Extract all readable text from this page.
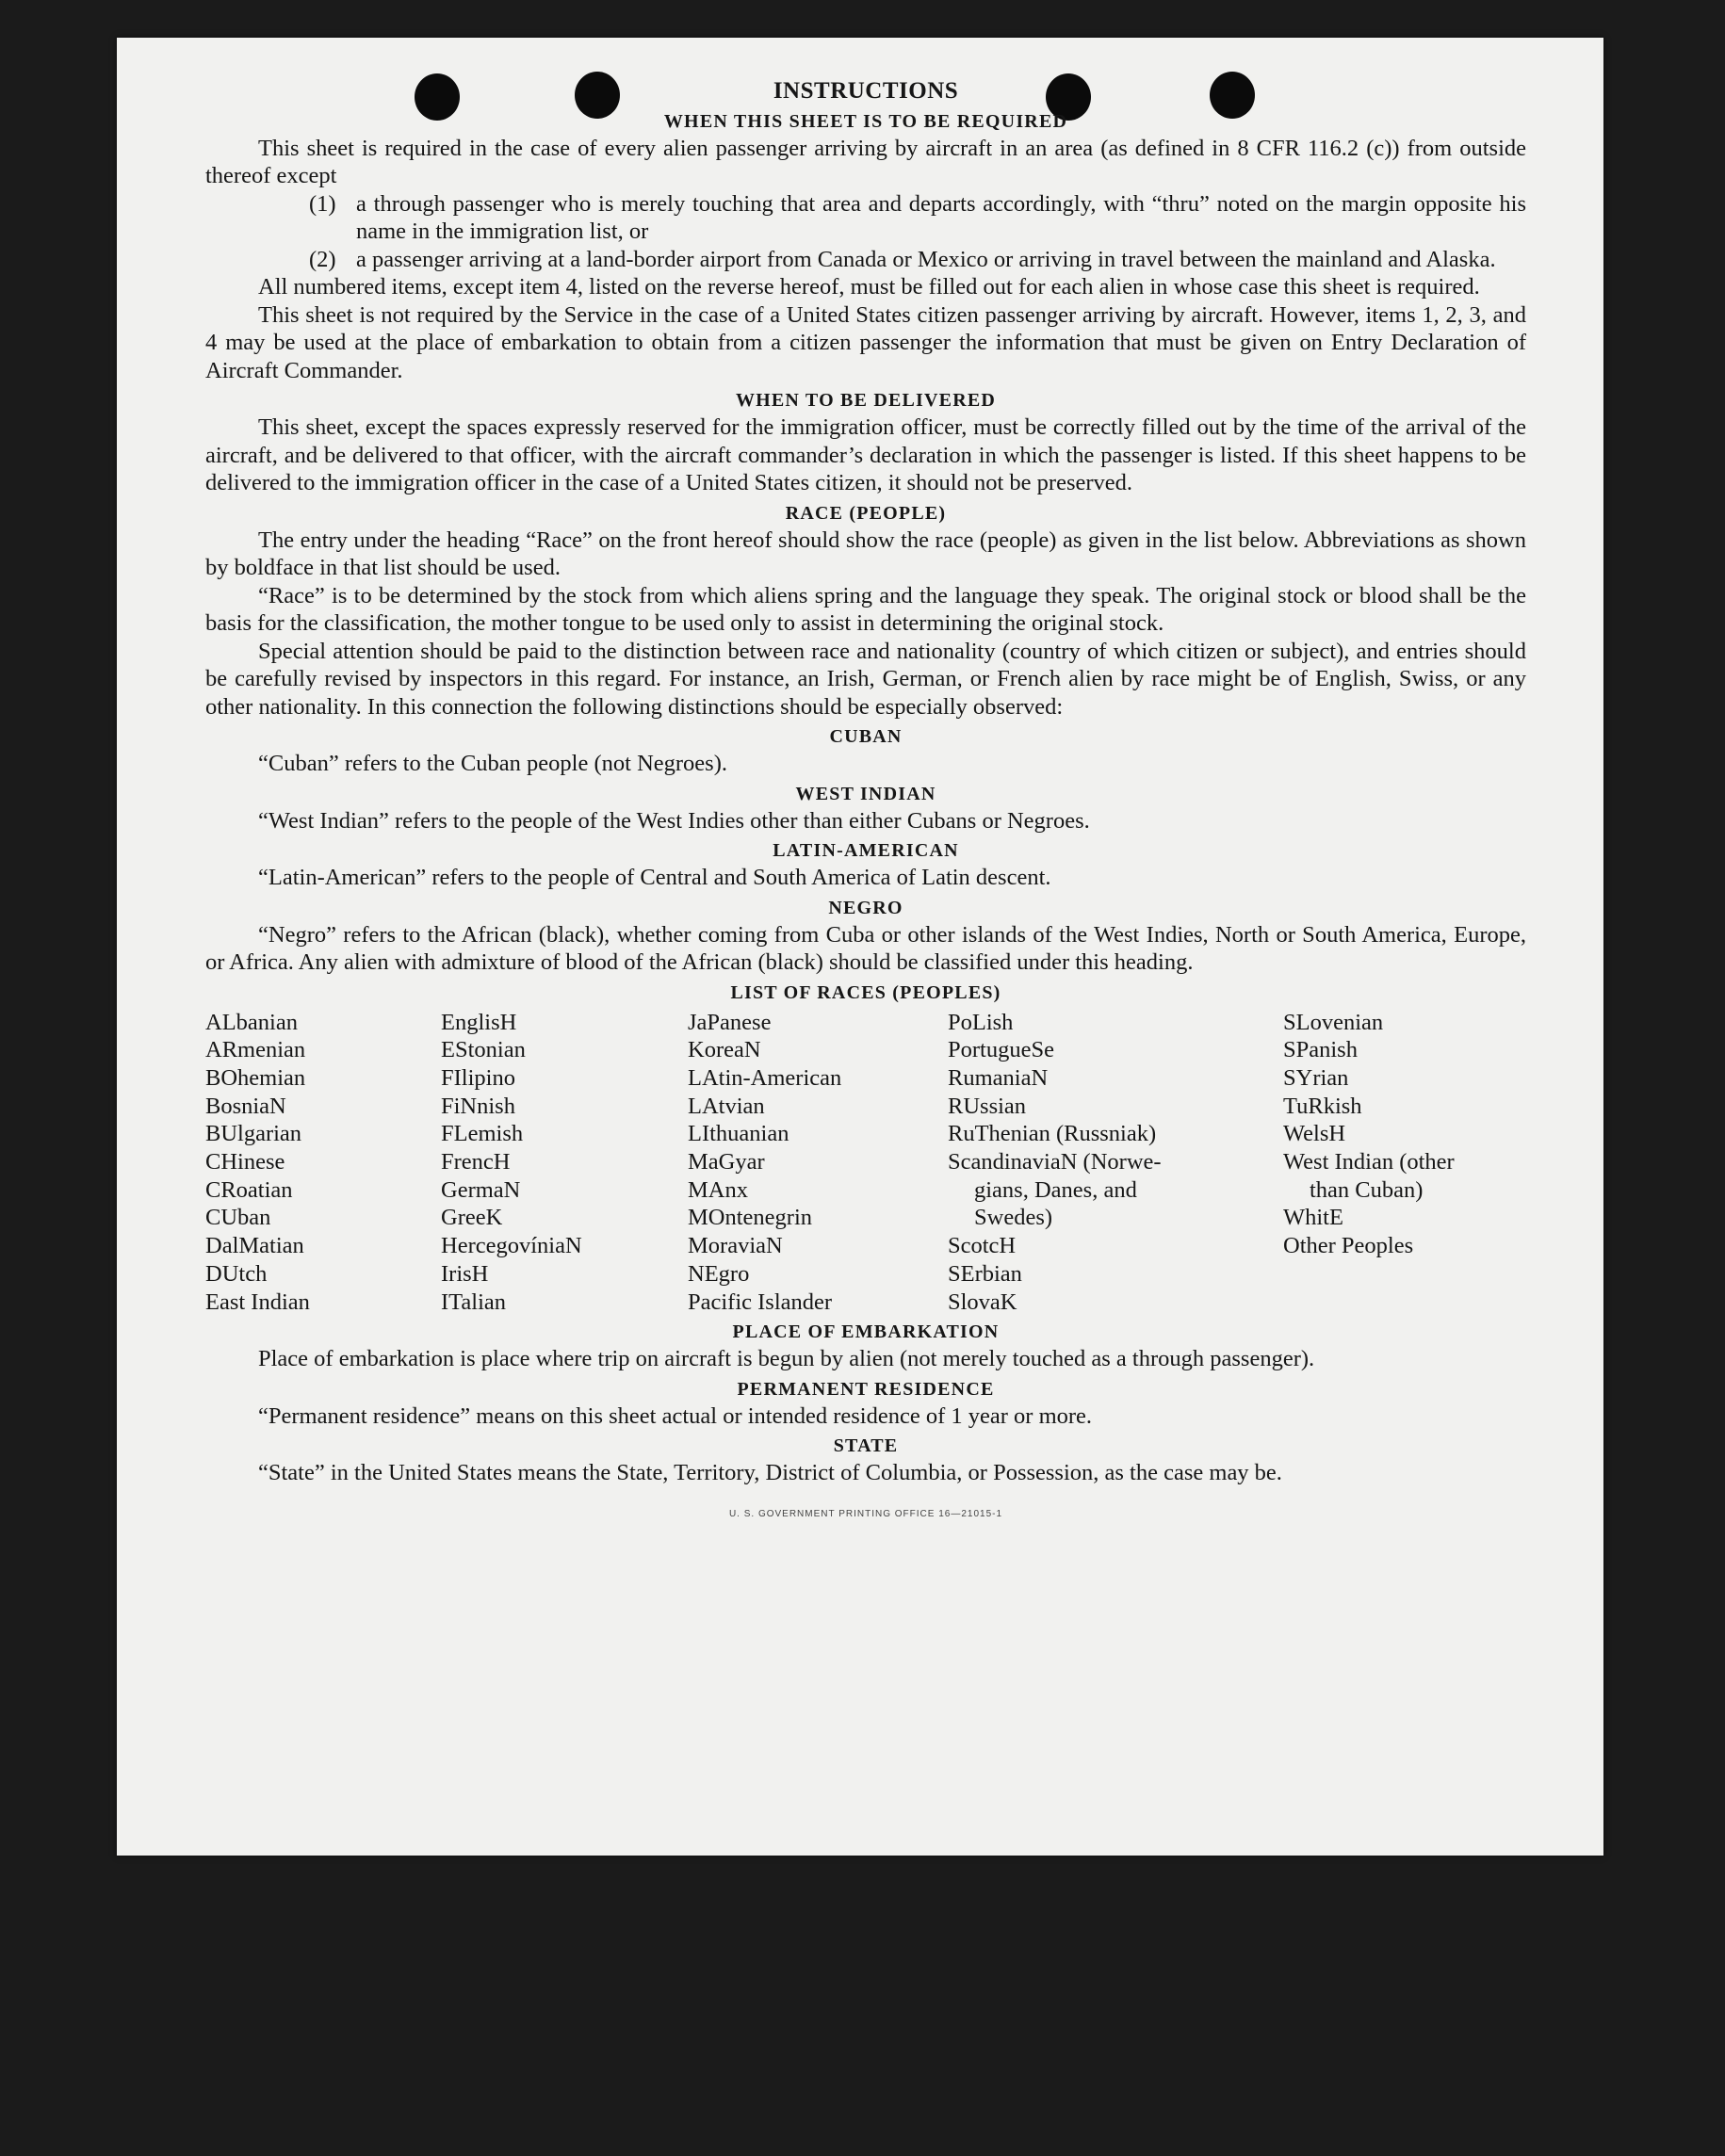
INSTRUCTIONS
WHEN THIS SHEET IS TO BE REQUIRED

This sheet is required in the case of every alien passenger arriving by aircraft in an area (as defined in 8 CFR 116.2 (c)) from outside thereof except

(1) a through passenger who is merely touching that area and departs accordingly, with “thru” noted on the margin opposite his name in the immigration list, or
(2) a passenger arriving at a land-border airport from Canada or Mexico or arriving in travel between the mainland and Alaska.

All numbered items, except item 4, listed on the reverse hereof, must be filled out for each alien in whose case this sheet is required.

This sheet is not required by the Service in the case of a United States citizen passenger arriving by aircraft. However, items 1, 2, 3, and 4 may be used at the place of embarkation to obtain from a citizen passenger the information that must be given on Entry Declaration of Aircraft Commander.

WHEN TO BE DELIVERED

This sheet, except the spaces expressly reserved for the immigration officer, must be correctly filled out by the time of the arrival of the aircraft, and be delivered to that officer, with the aircraft commander’s declaration in which the passenger is listed. If this sheet happens to be delivered to the immigration officer in the case of a United States citizen, it should not be preserved.

RACE (PEOPLE)

The entry under the heading “Race” on the front hereof should show the race (people) as given in the list below. Abbreviations as shown by boldface in that list should be used.

“Race” is to be determined by the stock from which aliens spring and the language they speak. The original stock or blood shall be the basis for the classification, the mother tongue to be used only to assist in determining the original stock.

Special attention should be paid to the distinction between race and nationality (country of which citizen or subject), and entries should be carefully revised by inspectors in this regard. For instance, an Irish, German, or French alien by race might be of English, Swiss, or any other nationality. In this connection the following distinctions should be especially observed:

CUBAN

“Cuban” refers to the Cuban people (not Negroes).

WEST INDIAN

“West Indian” refers to the people of the West Indies other than either Cubans or Negroes.

LATIN-AMERICAN

“Latin-American” refers to the people of Central and South America of Latin descent.

NEGRO

“Negro” refers to the African (black), whether coming from Cuba or other islands of the West Indies, North or South America, Europe, or Africa. Any alien with admixture of blood of the African (black) should be classified under this heading.

LIST OF RACES (PEOPLES)
ALbanian
ARmenian
BOhemian
BosniaN
BUlgarian
CHinese
CRoatian
CUban
DalMatian
DUtch
East Indian
EnglisH
EStonian
FIlipino
FiNnish
FLemish
FrencH
GermaN
GreeK
HercegovíniaN
IrisH
ITalian
JaPanese
KoreaN
LAtin-American
LAtvian
LIthuanian
MaGyar
MAnx
MOntenegrin
MoraviaN
NEgro
Pacific Islander
PoLish
PortugueSe
RumaniaN
RUssian
RuThenian (Russniak)
ScandinaviaN (Norwe-
gians, Danes, and
Swedes)
ScotcH
SErbian
SlovaK
SLovenian
SPanish
SYrian
TuRkish
WelsH
West Indian (other
than Cuban)
WhitE
Other Peoples
PLACE OF EMBARKATION

Place of embarkation is place where trip on aircraft is begun by alien (not merely touched as a through passenger).

PERMANENT RESIDENCE

“Permanent residence” means on this sheet actual or intended residence of 1 year or more.

STATE

“State” in the United States means the State, Territory, District of Columbia, or Possession, as the case may be.

U. S. GOVERNMENT PRINTING OFFICE 16—21015-1
